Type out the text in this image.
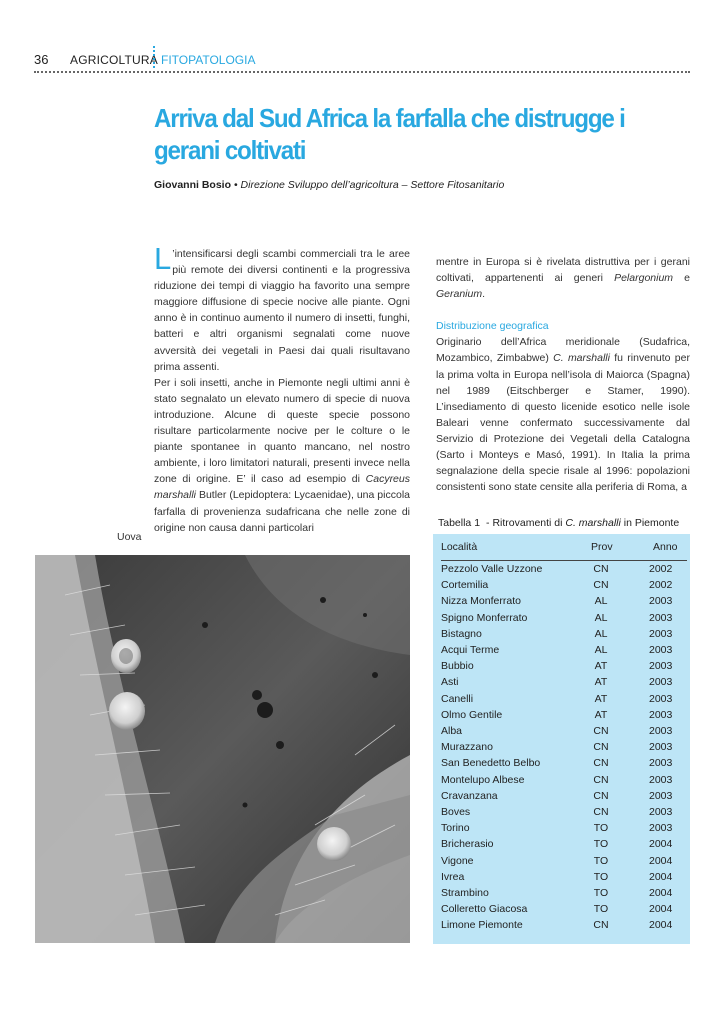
36 AGRICOLTURA FITOPATOLOGIA
Arriva dal Sud Africa la farfalla che distrugge i gerani coltivati
Giovanni Bosio • Direzione Sviluppo dell’agricoltura – Settore Fitosanitario

L ’intensificarsi degli scambi commerciali tra le aree più remote dei diversi continenti e la progressiva riduzione dei tempi di viaggio ha favorito una sempre maggiore diffusione di specie nocive alle piante. Ogni anno è in continuo aumento il numero di insetti, funghi, batteri e altri organismi segnalati come nuove avversità dei vegetali in Paesi dai quali risultavano prima assenti.

Per i soli insetti, anche in Piemonte negli ultimi anni è stato segnalato un elevato numero di specie di nuova introduzione. Alcune di queste specie possono risultare particolarmente nocive per le colture o le piante spontanee in quanto mancano, nel nostro ambiente, i loro limitatori naturali, presenti invece nella zone di origine. E’ il caso ad esempio di Cacyreus marshalli Butler (Lepidoptera: Lycaenidae), una piccola farfalla di provenienza sudafricana che nelle zone di origine non causa danni particolari

mentre in Europa si è rivelata distruttiva per i gerani coltivati, appartenenti ai generi Pelargonium e Geranium.

Distribuzione geografica

Originario dell’Africa meridionale (Sudafrica, Mozambico, Zimbabwe) C. marshalli fu rinvenuto per la prima volta in Europa nell’isola di Maiorca (Spagna) nel 1989 (Eitschberger e Stamer, 1990). L’insediamento di questo licenide esotico nelle isole Baleari venne confermato successivamente dal Servizio di Protezione dei Vegetali della Catalogna (Sarto i Monteys e Masó, 1991). In Italia la prima segnalazione della specie risale al 1996: popolazioni consistenti sono state censite alla periferia di Roma, a

Uova
Tabella 1 - Ritrovamenti di C. marshalli in Piemonte
Località	Prov	Anno
Pezzolo Valle Uzzone	CN	2002
Cortemilia	CN	2002
Nizza Monferrato	AL	2003
Spigno Monferrato	AL	2003
Bistagno	AL	2003
Acqui Terme	AL	2003
Bubbio	AT	2003
Asti	AT	2003
Canelli	AT	2003
Olmo Gentile	AT	2003
Alba	CN	2003
Murazzano	CN	2003
San Benedetto Belbo	CN	2003
Montelupo Albese	CN	2003
Cravanzana	CN	2003
Boves	CN	2003
Torino	TO	2003
Bricherasio	TO	2004
Vigone	TO	2004
Ivrea	TO	2004
Strambino	TO	2004
Colleretto Giacosa	TO	2004
Limone Piemonte	CN	2004
